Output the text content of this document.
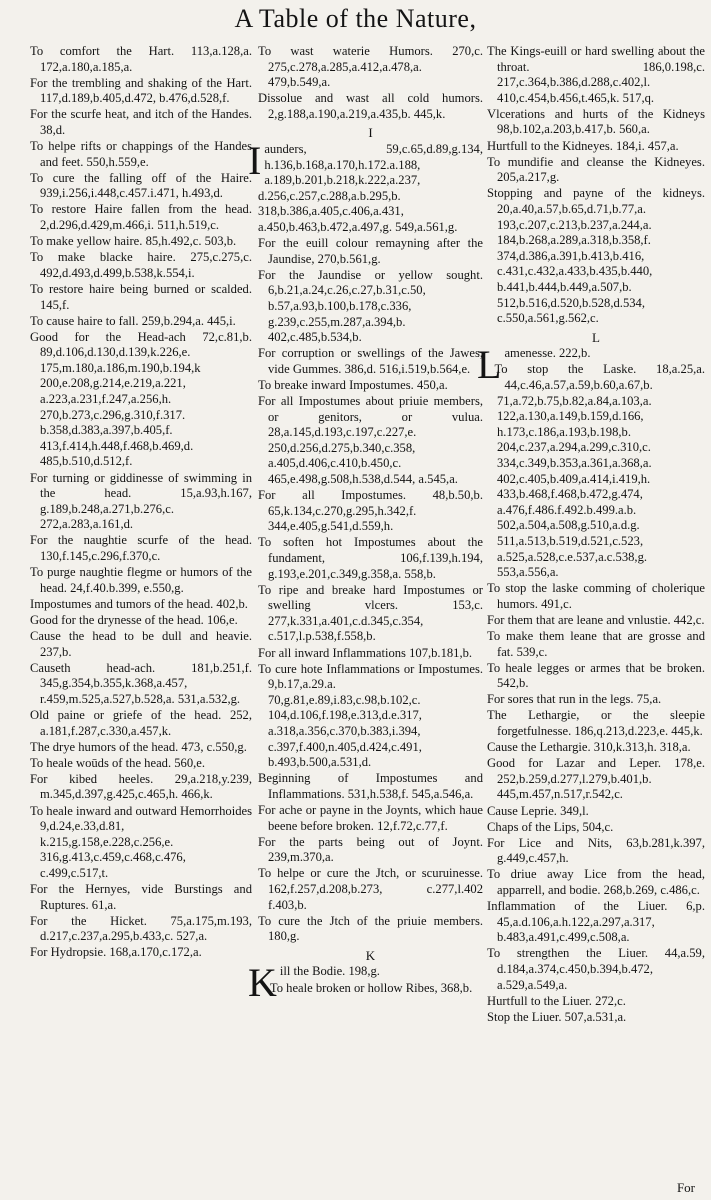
A Table of the Nature,
To comfort the Hart. 113,a.128,a. 172,a.180,a.185,a.
For the trembling and shaking of the Hart. 117,d.189,b.405,d.472, b.476,d.528,f.
For the scurfe heat, and itch of the Handes. 38,d.
To helpe rifts or chappings of the Handes and feet. 550,h.559,e.
To cure the falling off of the Haire. 939,i.256,i.448,c.457.i.471, h.493,d.
To restore Haire fallen from the head. 2,d.296,d.429,m.466,i. 511,h.519,c.
To make yellow haire. 85,h.492,c. 503,b.
To make blacke haire. 275,c.275,c. 492,d.493,d.499,b.538,k.554,i.
To restore haire being burned or scalded. 145,f.
To cause haire to fall. 259,b.294,a. 445,i.
Good for the Head-ach 72,c.81,b. 89,d.106,d.130,d.139,k.226,e. 175,m.180,a.186,m.190,b.194,k 200,e.208,g.214,e.219,a.221, a.223,a.231,f.247,a.256,h. 270,b.273,c.296,g.310,f.317. b.358,d.383,a.397,b.405,f. 413,f.414,h.448,f.468,b.469,d. 485,b.510,d.512,f.
For turning or giddinesse of swimming in the head. 15,a.93,h.167, g.189,b.248,a.271,b.276,c. 272,a.283,a.161,d.
For the naughtie scurfe of the head. 130,f.145,c.296,f.370,c.
To purge naughtie flegme or humors of the head. 24,f.40.b.399, e.550,g.
Impostumes and tumors of the head. 402,b.
Good for the drynesse of the head. 106,e.
Cause the head to be dull and heavie. 237,b.
Causeth head-ach. 181,b.251,f. 345,g.354,b.355,k.368,a.457, r.459,m.525,a.527,b.528,a. 531,a.532,g.
Old paine or griefe of the head. 252, a.181,f.287,c.330,a.457,k.
The drye humors of the head. 473, c.550,g.
To heale woūds of the head. 560,e.
For kibed heeles. 29,a.218,y.239, m.345,d.397,g.425,c.465,h. 466,k.
To heale inward and outward Hemorrhoides 9,d.24,e.33,d.81, k.215,g.158,e.228,c.256,e. 316,g.413,c.459,c.468,c.476, c.499,c.517,t.
For the Hernyes, vide Burstings and Ruptures. 61,a.
For the Hicket. 75,a.175,m.193, d.217,c.237,a.295,b.433,c. 527,a.
For Hydropsie. 168,a.170,c.172,a.
To wast waterie Humors. 270,c. 275,c.278,a.285,a.412,a.478,a. 479,b.549,a.
Dissolue and wast all cold humors. 2,g.188,a.190,a.219,a.435,b. 445,k.
I
Iaunders, 59,c.65,d.89,g.134, h.136,b.168,a.170,h.172.a.188, a.189,b.201,b.218,k.222,a.237, d.256,c.257,c.288,a.b.295,b. 318,b.386,a.405,c.406,a.431, a.450,b.463,b.472,a.497,g. 549,a.561,g.
For the euill colour remayning after the Jaundise, 270,b.561,g.
For the Jaundise or yellow sought. 6,b.21,a.24,c.26,c.27,b.31,c.50, b.57,a.93,b.100,b.178,c.336, g.239,c.255,m.287,a.394,b. 402,c.485,b.534,b.
For corruption or swellings of the Jawes, vide Gummes. 386,d. 516,i.519,b.564,e.
To breake inward Impostumes. 450,a.
For all Impostumes about priuie members, or genitors, or vulua. 28,a.145,d.193,c.197,c.227,e. 250,d.256,d.275,b.340,c.358, a.405,d.406,c.410,b.450,c. 465,e.498,g.508,h.538,d.544, a.545,a.
For all Impostumes. 48,b.50,b. 65,k.134,c.270,g.295,h.342,f. 344,e.405,g.541,d.559,h.
To soften hot Impostumes about the fundament, 106,f.139,h.194, g.193,e.201,c.349,g.358,a. 558,b.
To ripe and breake hard Impostumes or swelling vlcers. 153,c. 277,k.331,a.401,c.d.345,c.354, c.517,l.p.538,f.558,b.
For all inward Inflammations 107,b.181,b.
To cure hote Inflammations or Impostumes. 9,b.17,a.29.a. 70,g.81,e.89,i.83,c.98,b.102,c. 104,d.106,f.198,e.313,d.e.317, a.318,a.356,c.370,b.383,i.394, c.397,f.400,n.405,d.424,c.491, b.493,b.500,a.531,d.
Beginning of Impostumes and Inflammations. 531,h.538,f. 545,a.546,a.
For ache or payne in the Joynts, which haue beene before broken. 12,f.72,c.77,f.
For the parts being out of Joynt. 239,m.370,a.
To helpe or cure the Jtch, or scuruinesse. 162,f.257,d.208,b.273, c.277,l.402 f.403,b.
To cure the Jtch of the priuie members. 180,g.
K
Kill the Bodie. 198,g.
To heale broken or hollow Ribes, 368,b.
The Kings-euill or hard swelling about the throat. 186,0.198,c. 217,c.364,b.386,d.288,c.402,l. 410,c.454,b.456,t.465,k. 517,q.
Vlcerations and hurts of the Kidneys 98,b.102,a.203,b.417,b. 560,a.
Hurtfull to the Kidneyes. 184,i. 457,a.
To mundifie and cleanse the Kidneyes. 205,a.217,g.
Stopping and payne of the kidneys. 20,a.40,a.57,b.65,d.71,b.77,a. 193,c.207,c.213,b.237,a.244,a. 184,b.268,a.289,a.318,b.358,f. 374,d.386,a.391,b.413,b.416, c.431,c.432,a.433,b.435,b.440, b.441,b.444,b.449,a.507,b. 512,b.516,d.520,b.528,d.534, c.550,a.561,g.562,c.
L
Lamenesse. 222,b.
To stop the Laske. 18,a.25,a. 44,c.46,a.57,a.59,b.60,a.67,b. 71,a.72,b.75,b.82,a.84,a.103,a. 122,a.130,a.149,b.159,d.166, h.173,c.186,a.193,b.198,b. 204,c.237,a.294,a.299,c.310,c. 334,c.349,b.353,a.361,a.368,a. 402,c.405,b.409,a.414,i.419,h. 433,b.468,f.468,b.472,g.474, a.476,f.486.f.492.b.499.a.b. 502,a.504,a.508,g.510,a.d.g. 511,a.513,b.519,d.521,c.523, a.525,a.528,c.e.537,a.c.538,g. 553,a.556,a.
To stop the laske comming of cholerique humors. 491,c.
For them that are leane and vnlustie. 442,c.
To make them leane that are grosse and fat. 539,c.
To heale legges or armes that be broken. 542,b.
For sores that run in the legs. 75,a.
The Lethargie, or the sleepie forgetfulnesse. 186,q.213,d.223,e. 445,k.
Cause the Lethargie. 310,k.313,h. 318,a.
Good for Lazar and Leper. 178,e. 252,b.259,d.277,l.279,b.401,b. 445,m.457,n.517,r.542,c.
Cause Leprie. 349,l.
Chaps of the Lips, 504,c.
For Lice and Nits, 63,b.281,k.397, g.449,c.457,h.
To driue away Lice from the head, apparrell, and bodie. 268,b.269, c.486,c.
Inflammation of the Liuer. 6,p. 45,a.d.106,a.h.122,a.297,a.317, b.483,a.491,c.499,c.508,a.
To strengthen the Liuer. 44,a.59, d.184,a.374,c.450,b.394,b.472, a.529,a.549,a.
Hurtfull to the Liuer. 272,c.
Stop the Liuer. 507,a.531,a.
For
